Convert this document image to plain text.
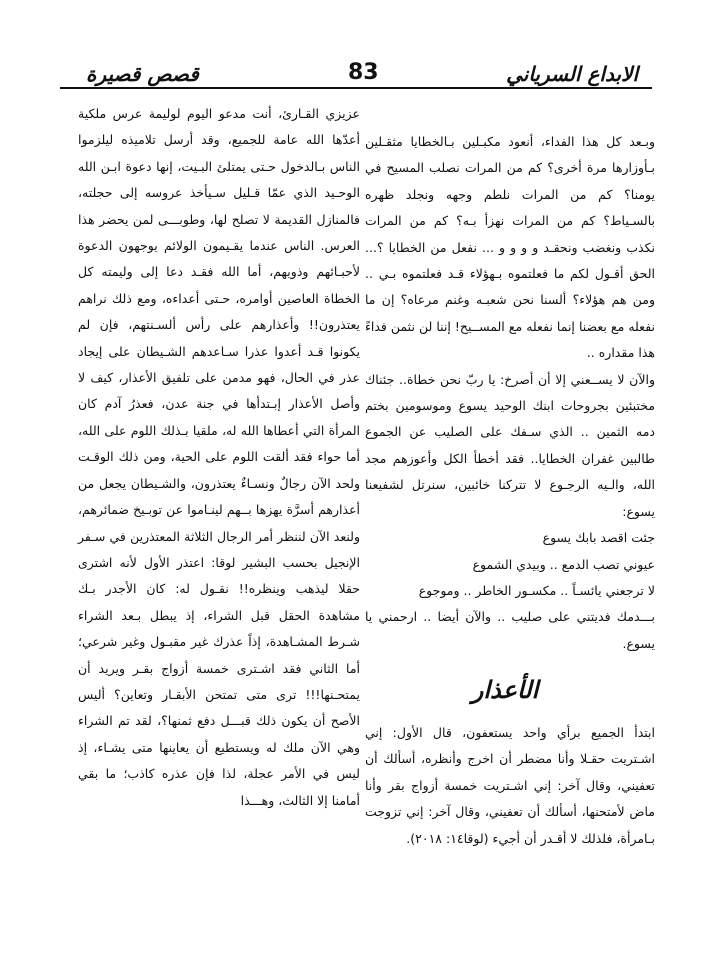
قصص قصيرة	83	الابداع السرياني

وبـعد كل هذا الفداء، أنعود مكبـلين بـالخطايا مثقـلين بـأوزارها مرة أخرى؟ كم من المرات نصلب المسيح في يومنا؟ كم من المرات نلطم وجهه ونجلد ظهره بالسـياط؟ كم من المرات نهزأ بـه؟ كم من المرات نكذب ونغضب ونحقـد و و و و ... نفعل من الخطايا ؟... الحق أقـول لكم ما فعلتموه بـهؤلاء قـد فعلتموه بـي .. ومن هم هؤلاء؟ ألسنا نحن شعبـه وغنم مرعاه؟ إن ما نفعله مع بعضنا إنما نفعله مع المســيح! إننا لن نثمن فداءً هذا مقداره ..

والآن لا يســعني إلا أن أصرخ: يا ربّ نحن خطاة.. جئناك مختبئين بجروحات ابنك الوحيد يسوع وموسومين بختم دمه الثمين .. الذي سـفك على الصليب عن الجموع طالبين غفران الخطايا.. فقد أخطأ الكل وأعوزهم مجد الله، والـيه الرجـوع لا تتركنا خائبين، سنرتل لشفيعنا يسوع:

جئت اقصد بابك يسوع
عيوني تصب الدمع .. وبيدي الشموع
لا ترجعني يائسـاً .. مكسـور الخاطر .. وموجوع
بـــدمك فديتني على صليب .. والآن أيضا .. ارحمني يا يسوع.
الأعذار

ابتدأ الجميع برأي واحد يستعفون، قال الأول: إني اشـتريت حقـلا وأنا مضطر أن اخرج وأنظره، أسألك أن تعفيني، وقال آخر: إني اشـتريت خمسة أزواج بقر وأنا ماض لأمتحنها، أسألك أن تعفيني، وقال آخر: إني تزوجت بـامرأة، فلذلك لا أقـدر أن أجيء (لوقا١٤: ٢٠١٨).

عزيزي القـارئ، أنت مدعو اليوم لوليمة عرس ملكية أعدّها الله عامة للجميع، وقد أرسل تلاميذه ليلزموا الناس بـالدخول حـتى يمتلئ البـيت، إنها دعوة ابـن الله الوحـيد الذي عمّا قـليل سـيأخذ عروسه إلى حجلته، فالمنازل القديمة لا تصلح لها، وطوبـــى لمن يحضر هذا العرس. الناس عندما يقـيمون الولائم يوجهون الدعوة لأحبـائهم وذويهم، أما الله فقـد دعا إلى وليمته كل الخطاة العاصين أوامره، حـتى أعداءه، ومع ذلك نراهم يعتذرون!! وأعذارهم على رأس ألسـنتهم، فإن لم يكونوا قـد أعدوا عذرا سـاعدهم الشـيطان على إيجاد عذر في الحال، فهو مدمن على تلفيق الأعذار، كيف لا وأصل الأعذار إبـتدأها في جنة عدن، فعذرُ آدم كان المرأة التي أعطاها الله له، ملقيا بـذلك اللوم على الله، أما حواء فقد ألقت اللوم على الحية، ومن ذلك الوقـت ولحد الآن رجالٌ ونسـاءٌ يعتذرون، والشـيطان يجعل من أعذارهم أسرَّة يهزها بــهم لينـاموا عن توبـيخ ضمائرهم، ولنعد الآن لننظر أمر الرجال الثلاثة المعتذرين في سـفر الإنجيل بحسب البشير لوقا: اعتذر الأول لأنه اشترى حقلا ليذهب وينظره!! نقـول له: كان الأجدر بـك مشاهدة الحقل قبل الشراء، إذ يبطل بـعد الشراء شـرط المشـاهدة، إذاً عذرك غير مقبـول وغير شرعي؛ أما الثاني فقد اشـترى خمسة أزواج بقـر ويريد أن يمتحـنها!!! ترى متى تمتحن الأبقـار وتعاين؟ أليس الأصح أن يكون ذلك قبـــل دفع ثمنها؟، لقد تم الشراء وهي الآن ملك له ويستطيع أن يعاينها متى يشـاء، إذ ليس في الأمر عجلة، لذا فإن عذره كاذب؛ ما بقي أمامنا إلا الثالث، وهـــذا
